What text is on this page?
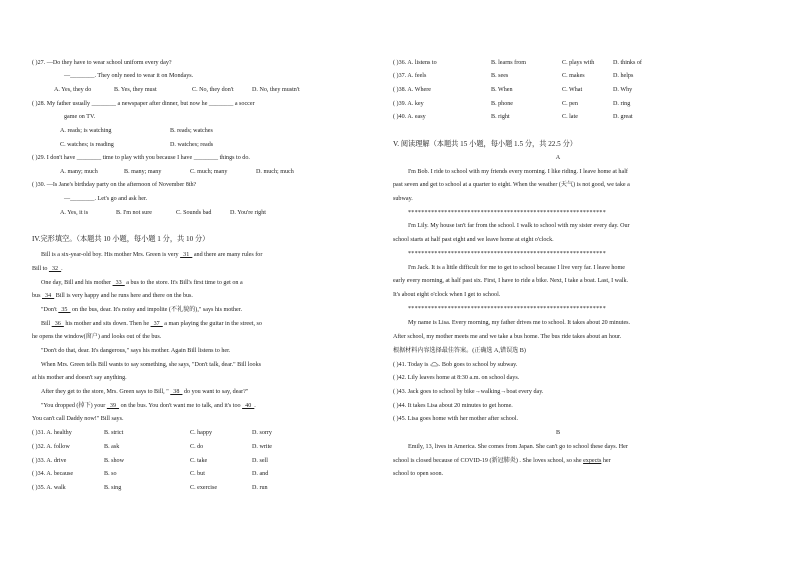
( )27. —Do they have to wear school uniform every day?
—________. They only need to wear it on Mondays.
A. Yes, they do	B. Yes, they must	C. No, they don't	D. No, they mustn't
( )28. My father usually ________ a newspaper after dinner, but now he ________ a soccer
game on TV.
A. reads; is watching	B. reads; watches
C. watches; is reading	D. watches; reads
( )29. I don't have ________ time to play with you because I have ________ things to do.
A. many; much	B. many; many	C. much; many	D. much; much
( )30. —Is Jane's birthday party on the afternoon of November 8th?
—________. Let's go and ask her.
A. Yes, it is	B. I'm not sure	C. Sounds bad	D. You're right
IV.完形填空。（本题共 10 小题，每小题 1 分，共 10 分）
Bill is a six-year-old boy. His mother Mrs. Green is very   31   and there are many rules for
Bill to   32  .
One day, Bill and his mother   33   a bus to the store. It's Bill's first time to get on a
bus   34   Bill is very happy and he runs here and there on the bus.
"Don't   35   on the bus, dear. It's noisy and impolite (不礼貌的)," says his mother.
Bill   36   his mother and sits down. Then he   37   a man playing the guitar in the street, so
he opens the window(窗户) and looks out of the bus.
"Don't do that, dear. It's dangerous," says his mother. Again Bill listens to her.
When Mrs. Green tells Bill wants to say something, she says, "Don't talk, dear." Bill looks
at his mother and doesn't say anything.
After they get to the store, Mrs. Green says to Bill, "   38   do you want to say, dear?"
"You dropped (掉下) your   39   on the bus. You don't want me to talk, and it's too   40  .
You can't call Daddy now!" Bill says.
( )31. A. healthy	B. strict	C. happy	D. sorry
( )32. A. follow	B. ask	C. do	D. write
( )33. A. drive	B. show	C. take	D. sell
( )34. A. because	B. so	C. but	D. and
( )35. A. walk	B. sing	C. exercise	D. run
( )36. A. listens to	B. learns from	C. plays with	D. thinks of
( )37. A. feels	B. sees	C. makes	D. helps
( )38. A. Where	B. When	C. What	D. Why
( )39. A. key	B. phone	C. pen	D. ring
( )40. A. easy	B. right	C. late	D. great
V. 阅读理解（本题共 15 小题，每小题 1.5 分，共 22.5 分）
A
I'm Bob. I ride to school with my friends every morning. I like riding. I leave home at half
past seven and get to school at a quarter to eight. When the weather (天气) is not good, we take a
subway.
************************************************************
I'm Lily. My house isn't far from the school. I walk to school with my sister every day. Our
school starts at half past eight and we leave home at eight o'clock.
************************************************************
I'm Jack. It is a little difficult for me to get to school because I live very far. I leave home
early every morning, at half past six. First, I have to ride a bike. Next, I take a boat. Last, I walk.
It's about eight o'clock when I get to school.
************************************************************
My name is Lisa. Every morning, my father drives me to school. It takes about 20 minutes.
After school, my mother meets me and we take a bus home. The bus ride takes about an hour.
根据材料内容选择最佳答案。(正确选 A,错误选 B)
( )41. Today is . Bob goes to school by subway.
( )42. Lily leaves home at 8:30 a.m. on school days.
( )43. Jack goes to school by bike→walking→boat every day.
( )44. It takes Lisa about 20 minutes to get home.
( )45. Lisa goes home with her mother after school.
B
Emily, 13, lives in America. She comes from Japan. She can't go to school these days. Her
school is closed because of COVID-19 (新冠肺炎) . She loves school, so she expects her
school to open soon.
